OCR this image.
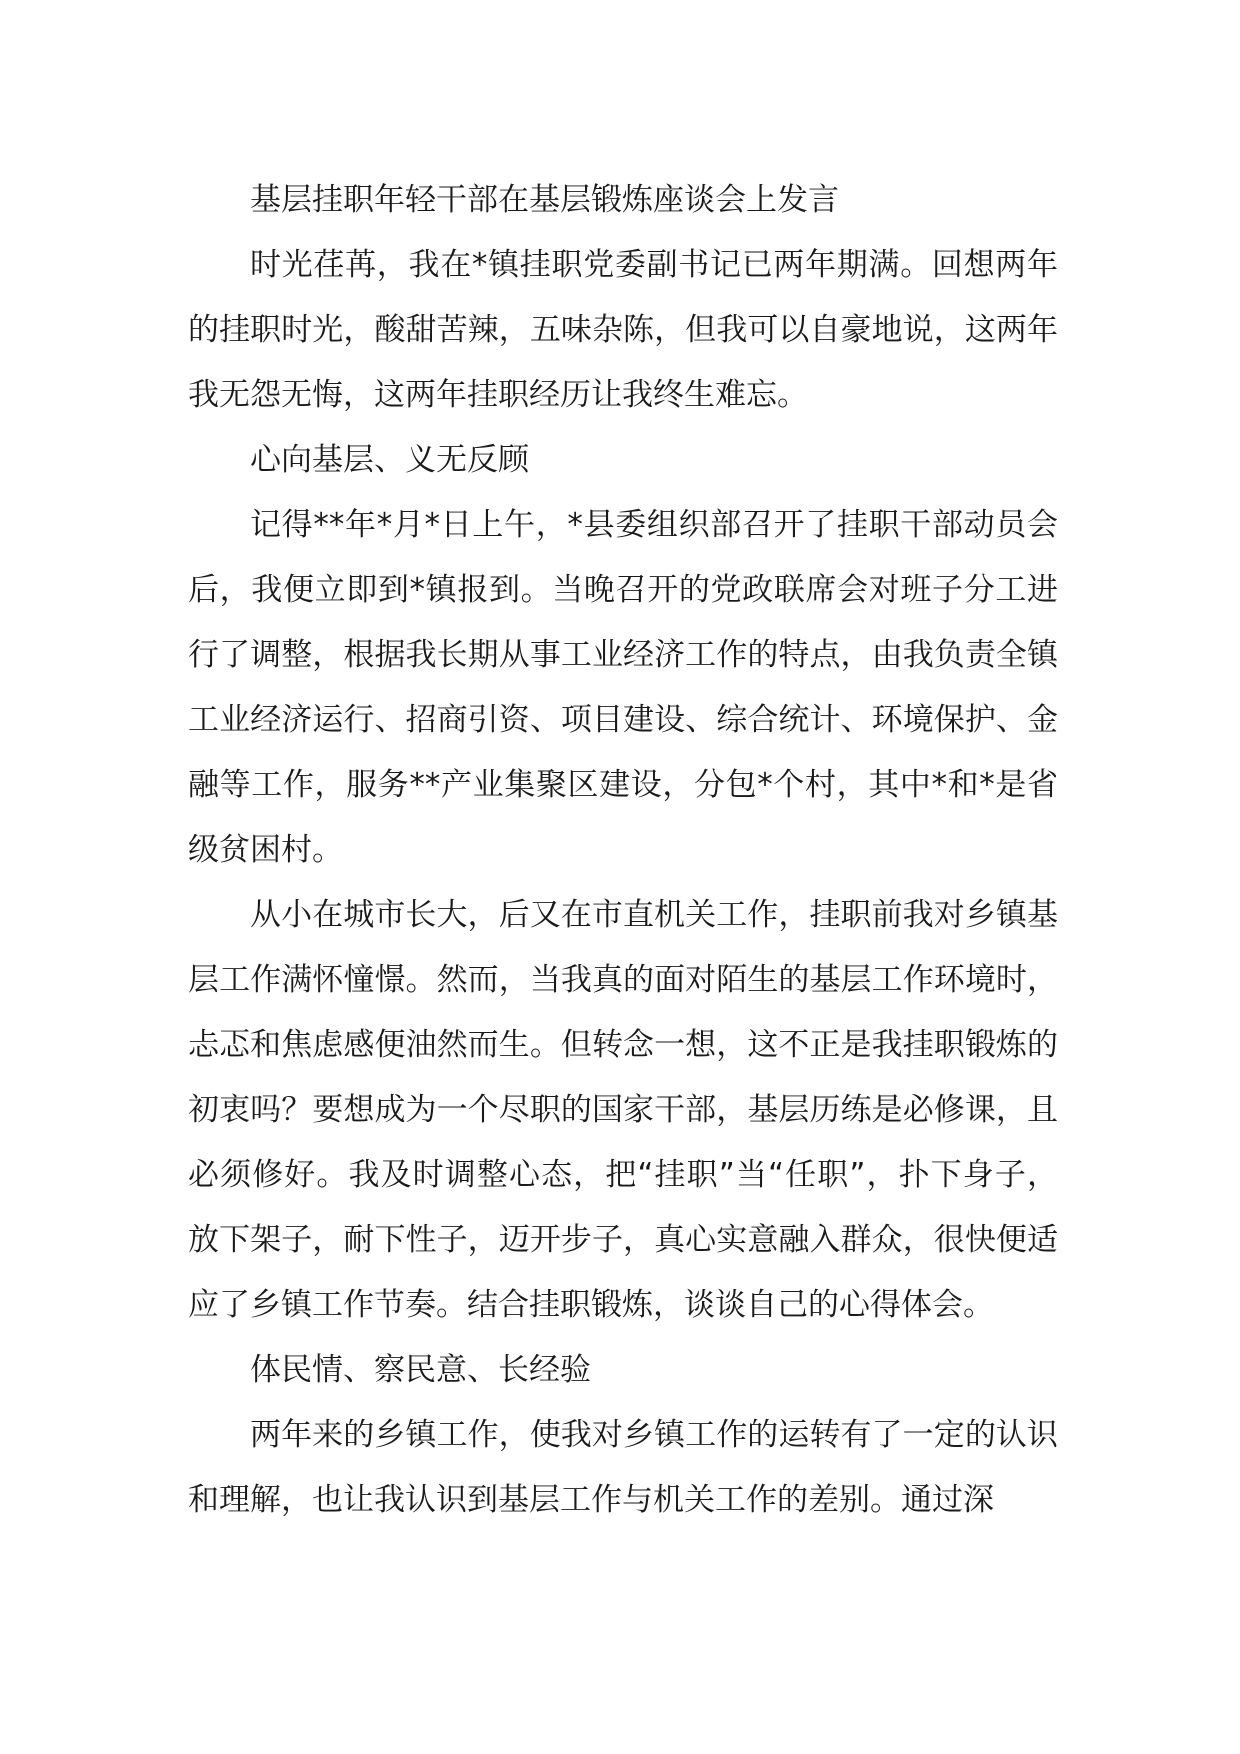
基层挂职年轻干部在基层锻炼座谈会上发言

时光荏苒，我在*镇挂职党委副书记已两年期满。回想两年的挂职时光，酸甜苦辣，五味杂陈，但我可以自豪地说，这两年我无怨无悔，这两年挂职经历让我终生难忘。

心向基层、义无反顾

记得**年*月*日上午，*县委组织部召开了挂职干部动员会后，我便立即到*镇报到。当晚召开的党政联席会对班子分工进行了调整，根据我长期从事工业经济工作的特点，由我负责全镇工业经济运行、招商引资、项目建设、综合统计、环境保护、金融等工作，服务**产业集聚区建设，分包*个村，其中*和*是省级贫困村。

从小在城市长大，后又在市直机关工作，挂职前我对乡镇基层工作满怀憧憬。然而，当我真的面对陌生的基层工作环境时，忐忑和焦虑感便油然而生。但转念一想，这不正是我挂职锻炼的初衷吗？要想成为一个尽职的国家干部，基层历练是必修课，且必须修好。我及时调整心态，把“挂职”当“任职”，扑下身子，放下架子，耐下性子，迈开步子，真心实意融入群众，很快便适应了乡镇工作节奏。结合挂职锻炼，谈谈自己的心得体会。

体民情、察民意、长经验

两年来的乡镇工作，使我对乡镇工作的运转有了一定的认识和理解，也让我认识到基层工作与机关工作的差别。通过深
